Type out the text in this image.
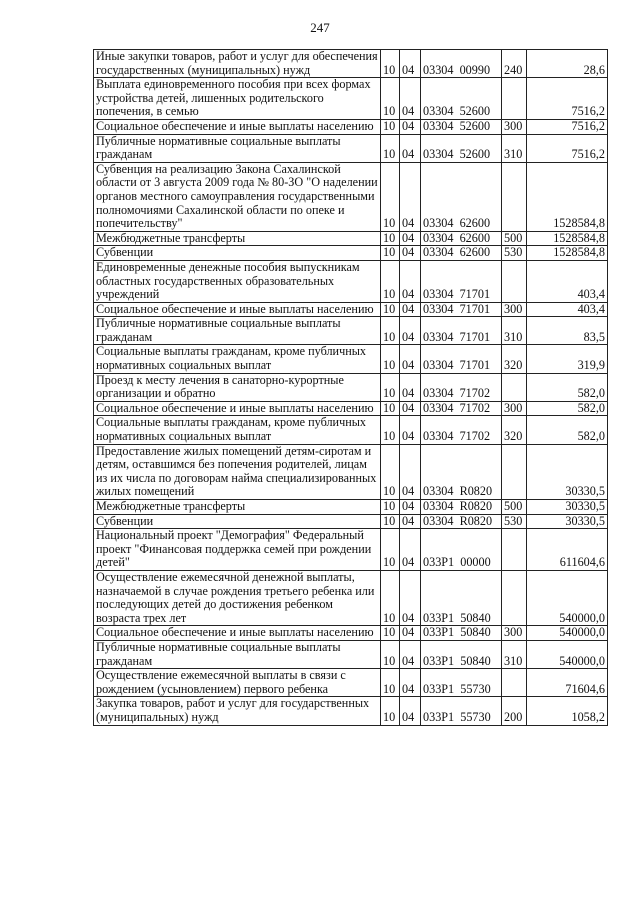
247
Иные закупки товаров, работ и услуг для обеспечения государственных (муниципальных) нужд	10	04	03304  00990	240	28,6
Выплата единовременного пособия при всех формах устройства детей, лишенных родительского попечения, в семью	10	04	03304  52600		7516,2
Социальное обеспечение и иные выплаты населению	10	04	03304  52600	300	7516,2
Публичные нормативные социальные выплаты гражданам	10	04	03304  52600	310	7516,2
Субвенция на реализацию Закона Сахалинской области от 3 августа 2009 года № 80-ЗО "О наделении органов местного самоуправления государственными полномочиями Сахалинской области по опеке и попечительству"	10	04	03304  62600		1528584,8
Межбюджетные трансферты	10	04	03304  62600	500	1528584,8
Субвенции	10	04	03304  62600	530	1528584,8
Единовременные денежные пособия выпускникам областных государственных образовательных учреждений	10	04	03304  71701		403,4
Социальное обеспечение и иные выплаты населению	10	04	03304  71701	300	403,4
Публичные нормативные социальные выплаты гражданам	10	04	03304  71701	310	83,5
Социальные выплаты гражданам, кроме публичных нормативных социальных выплат	10	04	03304  71701	320	319,9
Проезд к месту лечения в санаторно-курортные организации и обратно	10	04	03304  71702		582,0
Социальное обеспечение и иные выплаты населению	10	04	03304  71702	300	582,0
Социальные выплаты гражданам, кроме публичных нормативных социальных выплат	10	04	03304  71702	320	582,0
Предоставление жилых помещений детям-сиротам и детям, оставшимся без попечения родителей, лицам из их числа по договорам найма специализированных жилых помещений	10	04	03304  R0820		30330,5
Межбюджетные трансферты	10	04	03304  R0820	500	30330,5
Субвенции	10	04	03304  R0820	530	30330,5
Национальный проект "Демография" Федеральный проект "Финансовая поддержка семей при рождении детей"	10	04	033P1  00000		611604,6
Осуществление ежемесячной денежной выплаты, назначаемой в случае рождения третьего ребенка или последующих детей до достижения ребенком возраста трех лет	10	04	033P1  50840		540000,0
Социальное обеспечение и иные выплаты населению	10	04	033P1  50840	300	540000,0
Публичные нормативные социальные выплаты гражданам	10	04	033P1  50840	310	540000,0
Осуществление ежемесячной выплаты в связи с рождением (усыновлением) первого ребенка	10	04	033P1  55730		71604,6
Закупка товаров, работ и услуг для государственных (муниципальных) нужд	10	04	033P1  55730	200	1058,2
